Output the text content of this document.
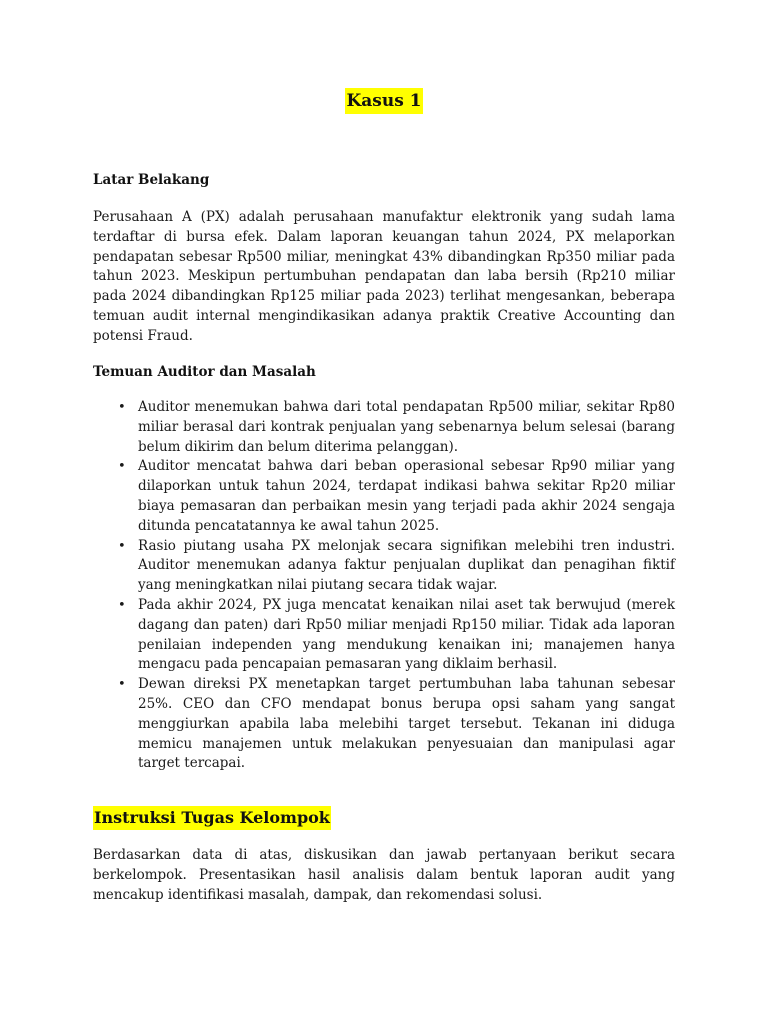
Kasus 1
Latar Belakang

Perusahaan A (PX) adalah perusahaan manufaktur elektronik yang sudah lama terdaftar di bursa efek. Dalam laporan keuangan tahun 2024, PX melaporkan pendapatan sebesar Rp500 miliar, meningkat 43% dibandingkan Rp350 miliar pada tahun 2023. Meskipun pertumbuhan pendapatan dan laba bersih (Rp210 miliar pada 2024 dibandingkan Rp125 miliar pada 2023) terlihat mengesankan, beberapa temuan audit internal mengindikasikan adanya praktik Creative Accounting dan potensi Fraud.

Temuan Auditor dan Masalah
• Auditor menemukan bahwa dari total pendapatan Rp500 miliar, sekitar Rp80 miliar berasal dari kontrak penjualan yang sebenarnya belum selesai (barang belum dikirim dan belum diterima pelanggan).
• Auditor mencatat bahwa dari beban operasional sebesar Rp90 miliar yang dilaporkan untuk tahun 2024, terdapat indikasi bahwa sekitar Rp20 miliar biaya pemasaran dan perbaikan mesin yang terjadi pada akhir 2024 sengaja ditunda pencatatannya ke awal tahun 2025.
• Rasio piutang usaha PX melonjak secara signifikan melebihi tren industri. Auditor menemukan adanya faktur penjualan duplikat dan penagihan fiktif yang meningkatkan nilai piutang secara tidak wajar.
• Pada akhir 2024, PX juga mencatat kenaikan nilai aset tak berwujud (merek dagang dan paten) dari Rp50 miliar menjadi Rp150 miliar. Tidak ada laporan penilaian independen yang mendukung kenaikan ini; manajemen hanya mengacu pada pencapaian pemasaran yang diklaim berhasil.
• Dewan direksi PX menetapkan target pertumbuhan laba tahunan sebesar 25%. CEO dan CFO mendapat bonus berupa opsi saham yang sangat menggiurkan apabila laba melebihi target tersebut. Tekanan ini diduga memicu manajemen untuk melakukan penyesuaian dan manipulasi agar target tercapai.
Instruksi Tugas Kelompok

Berdasarkan data di atas, diskusikan dan jawab pertanyaan berikut secara berkelompok. Presentasikan hasil analisis dalam bentuk laporan audit yang mencakup identifikasi masalah, dampak, dan rekomendasi solusi.
